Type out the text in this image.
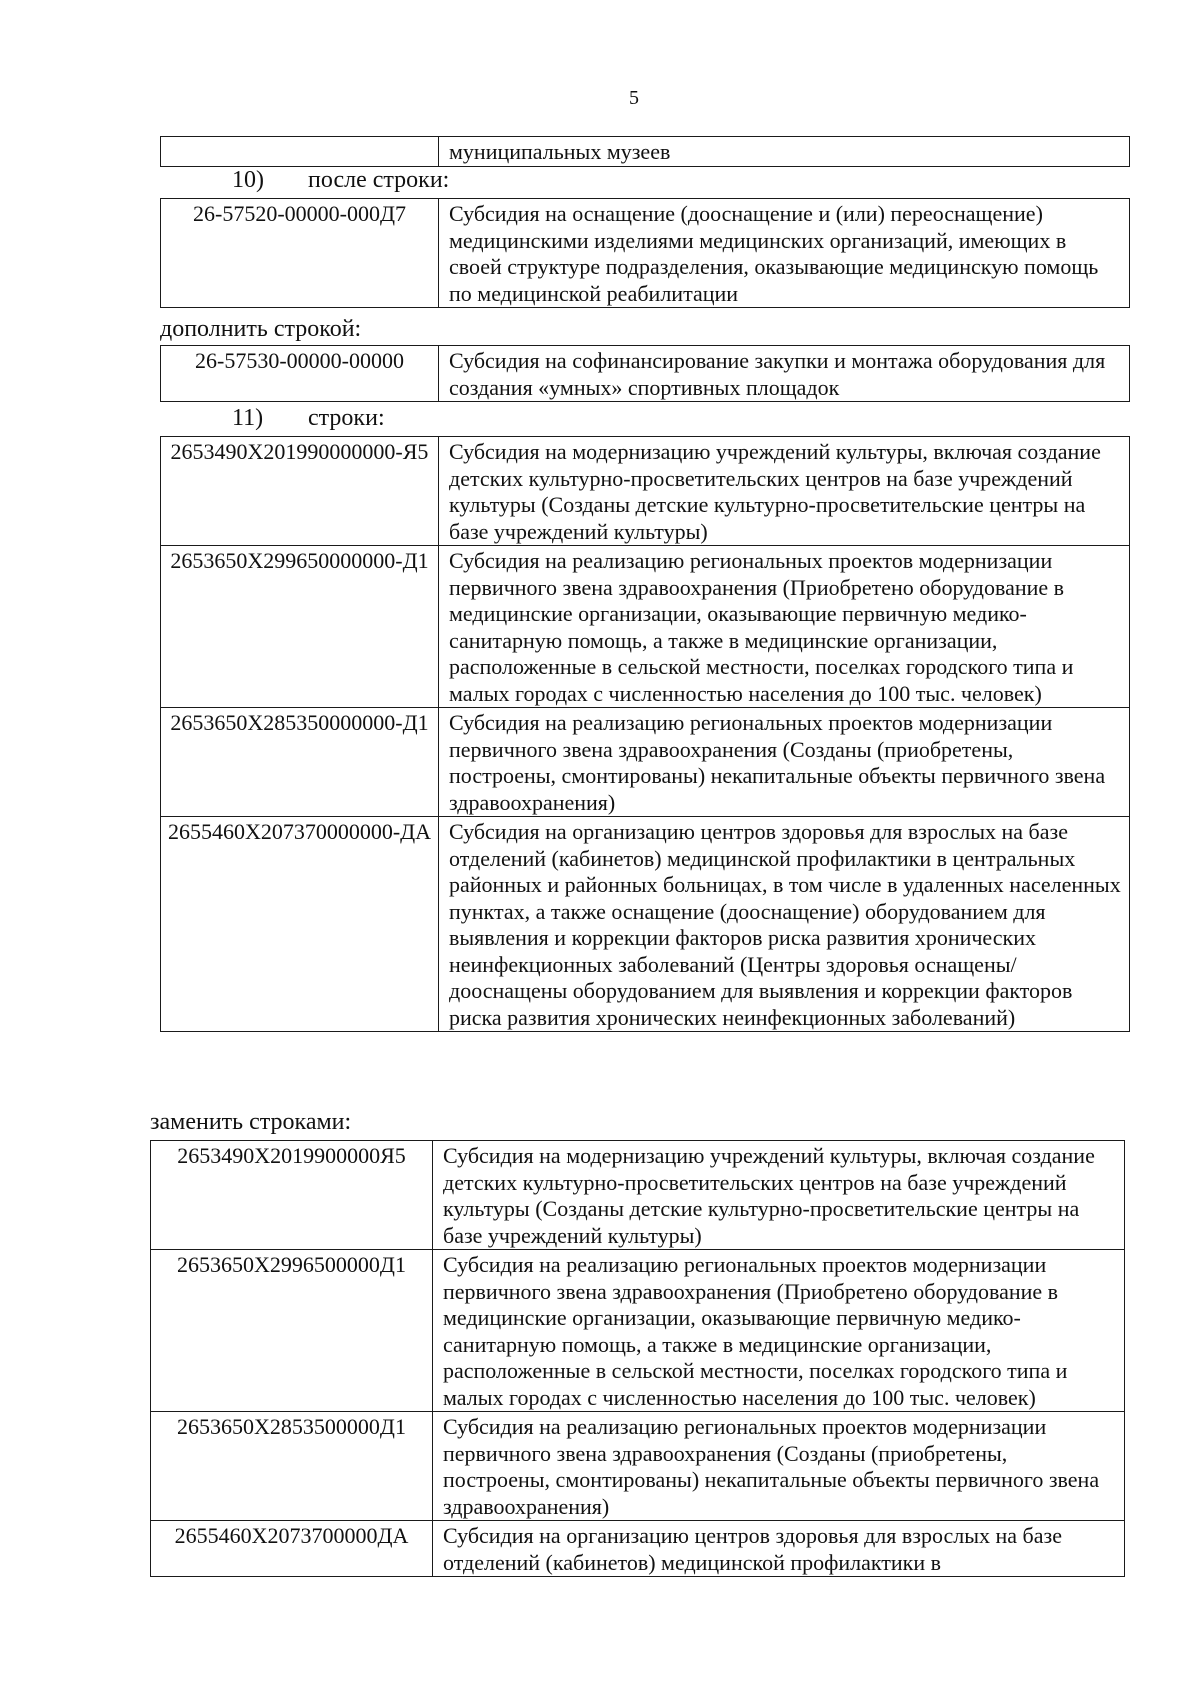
5
	муниципальных музеев
10) после строки:
26-57520-00000-000Д7	Субсидия на оснащение (дооснащение и (или) переоснащение) медицинскими изделиями медицинских организаций, имеющих в своей структуре подразделения, оказывающие медицинскую помощь по медицинской реабилитации
дополнить строкой:
26-57530-00000-00000	Субсидия на софинансирование закупки и монтажа оборудования для создания «умных» спортивных площадок
11) строки:
2653490Х201990000000-Я5	Субсидия на модернизацию учреждений культуры, включая создание детских культурно-просветительских центров на базе учреждений культуры (Созданы детские культурно-просветительские центры на базе учреждений культуры)
2653650Х299650000000-Д1	Субсидия на реализацию региональных проектов модернизации первичного звена здравоохранения (Приобретено оборудование в медицинские организации, оказывающие первичную медико-санитарную помощь, а также в медицинские организации, расположенные в сельской местности, поселках городского типа и малых городах с численностью населения до 100 тыс. человек)
2653650Х285350000000-Д1	Субсидия на реализацию региональных проектов модернизации первичного звена здравоохранения (Созданы (приобретены, построены, смонтированы) некапитальные объекты первичного звена здравоохранения)
2655460Х207370000000-ДА	Субсидия на организацию центров здоровья для взрослых на базе отделений (кабинетов) медицинской профилактики в центральных районных и районных больницах, в том числе в удаленных населенных пунктах, а также оснащение (дооснащение) оборудованием для выявления и коррекции факторов риска развития хронических неинфекционных заболеваний (Центры здоровья оснащены/дооснащены оборудованием для выявления и коррекции факторов риска развития хронических неинфекционных заболеваний)
заменить строками:
2653490Х2019900000Я5	Субсидия на модернизацию учреждений культуры, включая создание детских культурно-просветительских центров на базе учреждений культуры (Созданы детские культурно-просветительские центры на базе учреждений культуры)
2653650Х2996500000Д1	Субсидия на реализацию региональных проектов модернизации первичного звена здравоохранения (Приобретено оборудование в медицинские организации, оказывающие первичную медико-санитарную помощь, а также в медицинские организации, расположенные в сельской местности, поселках городского типа и малых городах с численностью населения до 100 тыс. человек)
2653650Х2853500000Д1	Субсидия на реализацию региональных проектов модернизации первичного звена здравоохранения (Созданы (приобретены, построены, смонтированы) некапитальные объекты первичного звена здравоохранения)
2655460Х2073700000ДА	Субсидия на организацию центров здоровья для взрослых на базе отделений (кабинетов) медицинской профилактики в
